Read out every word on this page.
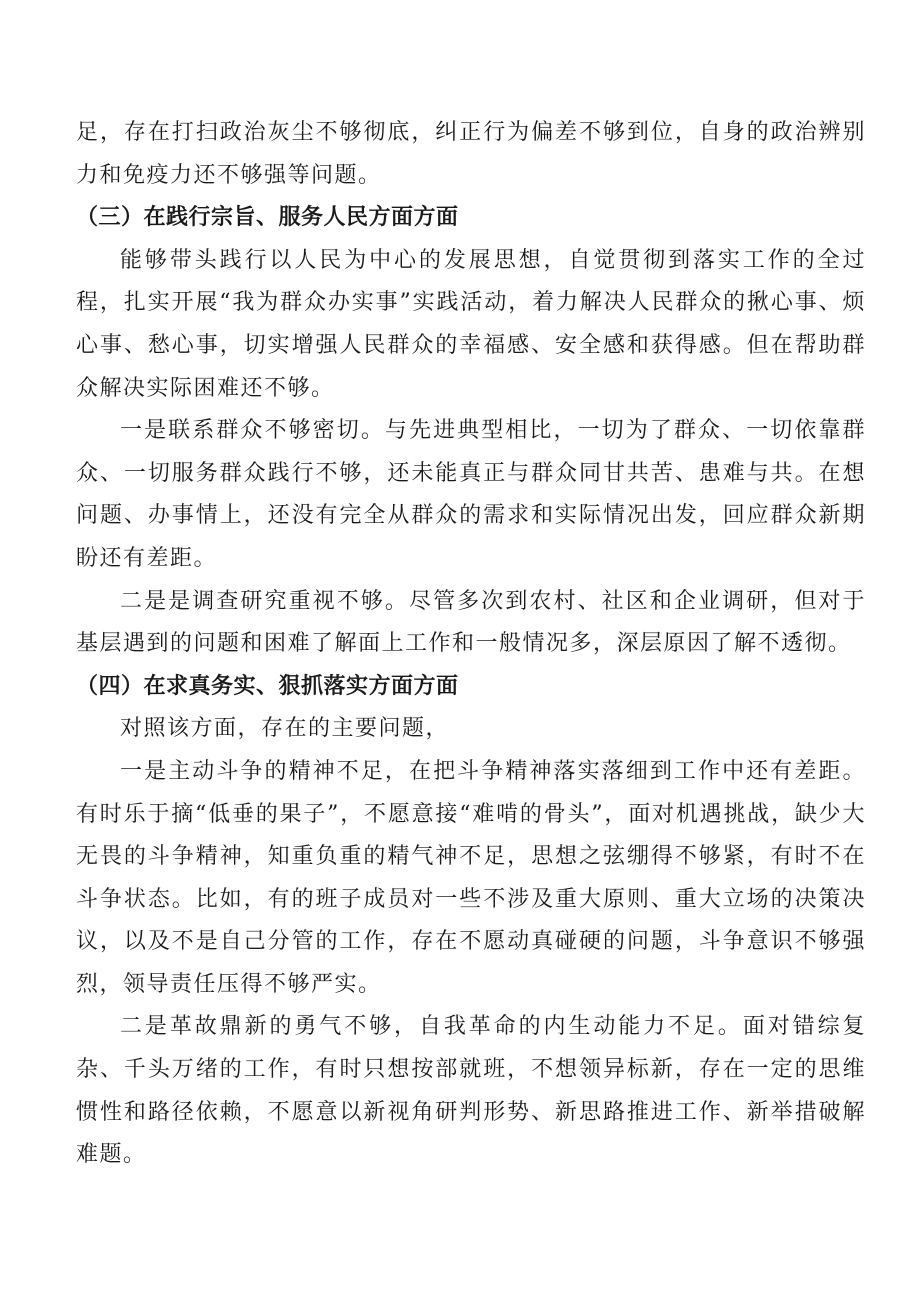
足，存在打扫政治灰尘不够彻底，纠正行为偏差不够到位，自身的政治辨别力和免疫力还不够强等问题。

（三）在践行宗旨、服务人民方面方面

能够带头践行以人民为中心的发展思想，自觉贯彻到落实工作的全过程，扎实开展“我为群众办实事”实践活动，着力解决人民群众的揪心事、烦心事、愁心事，切实增强人民群众的幸福感、安全感和获得感。但在帮助群众解决实际困难还不够。

一是联系群众不够密切。与先进典型相比，一切为了群众、一切依靠群众、一切服务群众践行不够，还未能真正与群众同甘共苦、患难与共。在想问题、办事情上，还没有完全从群众的需求和实际情况出发，回应群众新期盼还有差距。

二是是调查研究重视不够。尽管多次到农村、社区和企业调研，但对于基层遇到的问题和困难了解面上工作和一般情况多，深层原因了解不透彻。

（四）在求真务实、狠抓落实方面方面

对照该方面，存在的主要问题，

一是主动斗争的精神不足，在把斗争精神落实落细到工作中还有差距。有时乐于摘“低垂的果子”，不愿意接“难啃的骨头”，面对机遇挑战，缺少大无畏的斗争精神，知重负重的精气神不足，思想之弦绷得不够紧，有时不在斗争状态。比如，有的班子成员对一些不涉及重大原则、重大立场的决策决议，以及不是自己分管的工作，存在不愿动真碰硬的问题，斗争意识不够强烈，领导责任压得不够严实。

二是革故鼎新的勇气不够，自我革命的内生动能力不足。面对错综复杂、千头万绪的工作，有时只想按部就班，不想领异标新，存在一定的思维惯性和路径依赖，不愿意以新视角研判形势、新思路推进工作、新举措破解难题。
